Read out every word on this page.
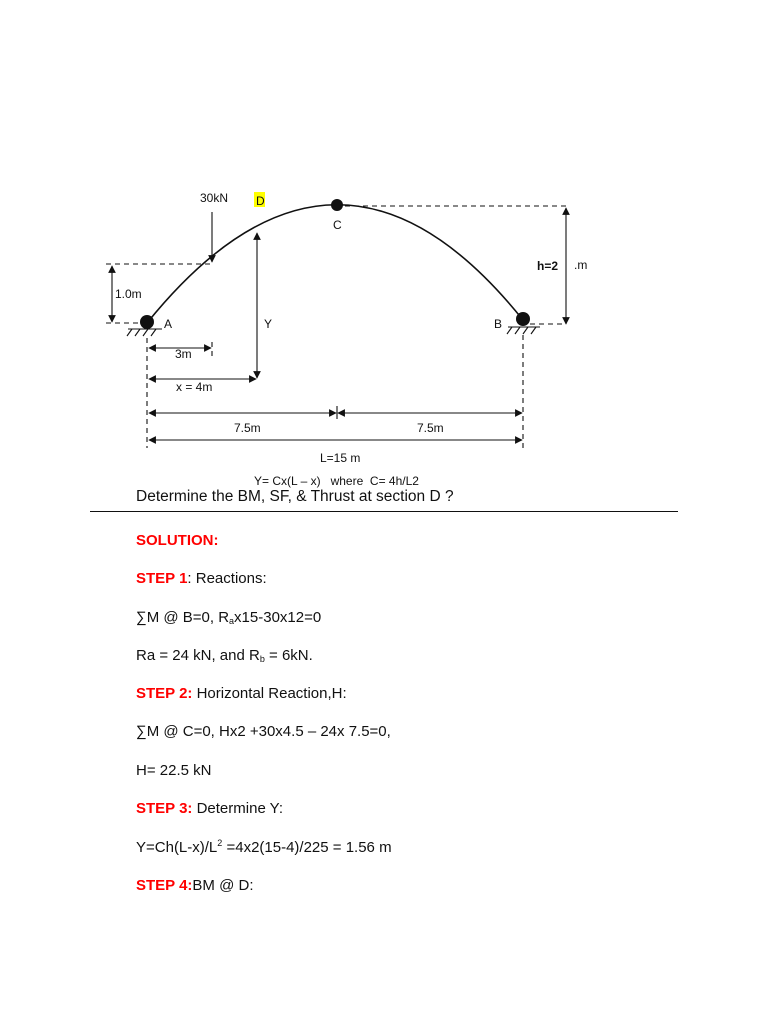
30kN D
C
A	B
Y
h=2 .m
1.0m
3m
x = 4m
7.5m	7.5m
L=15 m
Y= Cx(L – x)   where  C= 4h/L2
Determine the BM, SF, & Thrust at section D ?
SOLUTION:
STEP 1: Reactions:
∑M @ B=0, $R_ax15-30x12=0$
Ra = 24 kN, and $R_b = 6kN$.
STEP 2: Horizontal Reaction,H:
∑M @ C=0, Hx2 +30x4.5 – 24x 7.5=0,
H= 22.5 kN
STEP 3: Determine Y:
$Y=Ch(L-x)/L^2 =4x2(15-4)/225 = 1.56$ m
STEP 4:BM @ D:
